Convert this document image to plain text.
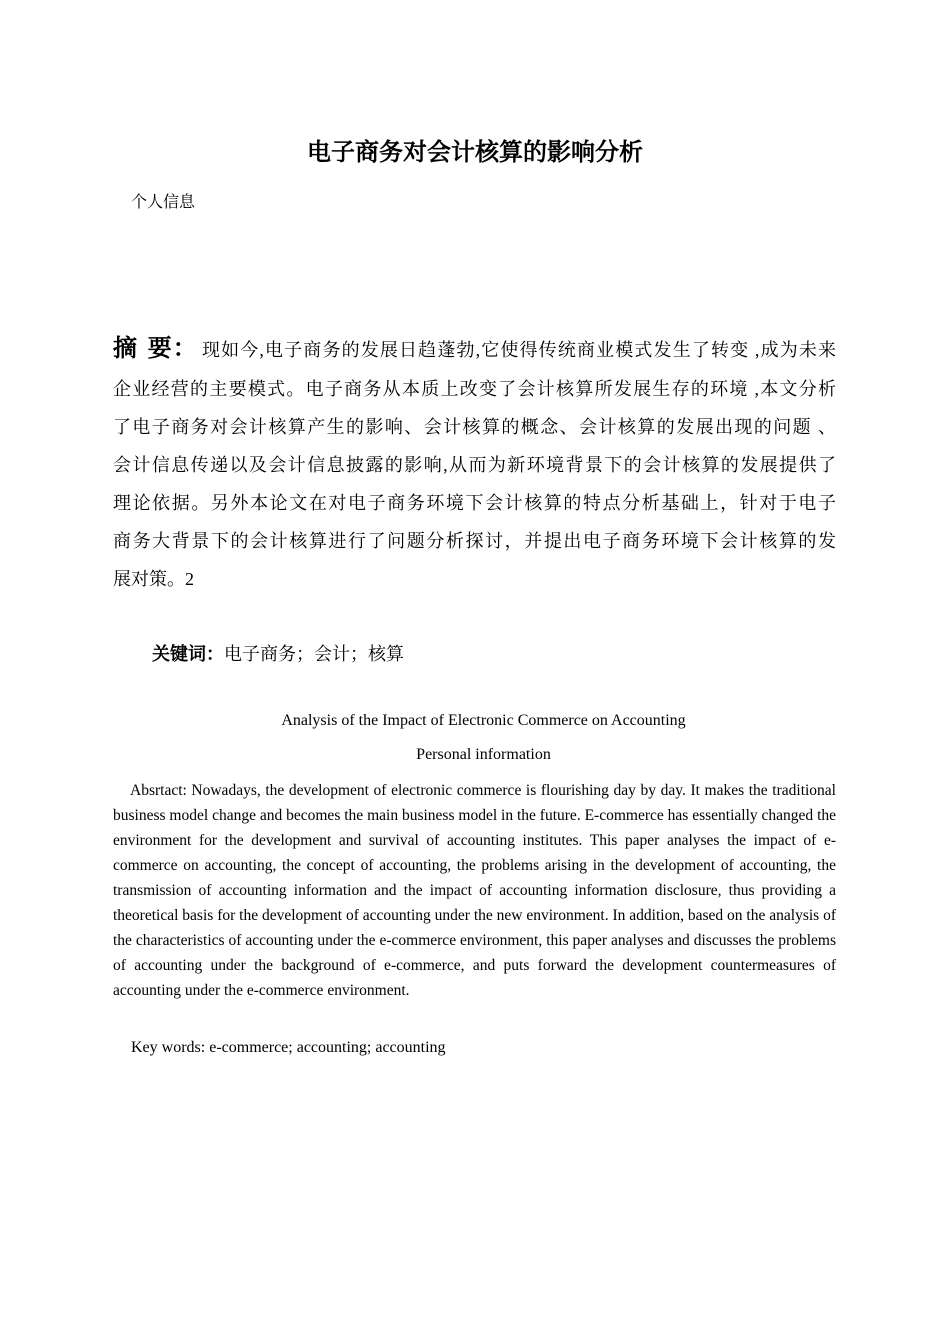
电子商务对会计核算的影响分析
个人信息
摘 要： 现如今,电子商务的发展日趋蓬勃,它使得传统商业模式发生了转变 ,成为未来
企业经营的主要模式。电子商务从本质上改变了会计核算所发展生存的环境 ,本文分析
了电子商务对会计核算产生的影响、会计核算的概念、会计核算的发展出现的问题 、
会计信息传递以及会计信息披露的影响,从而为新环境背景下的会计核算的发展提供了
理论依据。另外本论文在对电子商务环境下会计核算的特点分析基础上，针对于电子
商务大背景下的会计核算进行了问题分析探讨，并提出电子商务环境下会计核算的发
展对策。2
关键词：电子商务；会计；核算
Analysis of the Impact of Electronic Commerce on Accounting
Personal information

Absrtact: Nowadays, the development of electronic commerce is flourishing day by day. It makes the traditional business model change and becomes the main business model in the future. E-commerce has essentially changed the environment for the development and survival of accounting institutes. This paper analyses the impact of e-commerce on accounting, the concept of accounting, the problems arising in the development of accounting, the transmission of accounting information and the impact of accounting information disclosure, thus providing a theoretical basis for the development of accounting under the new environment. In addition, based on the analysis of the characteristics of accounting under the e-commerce environment, this paper analyses and discusses the problems of accounting under the background of e-commerce, and puts forward the development countermeasures of accounting under the e-commerce environment.

Key words: e-commerce; accounting; accounting
